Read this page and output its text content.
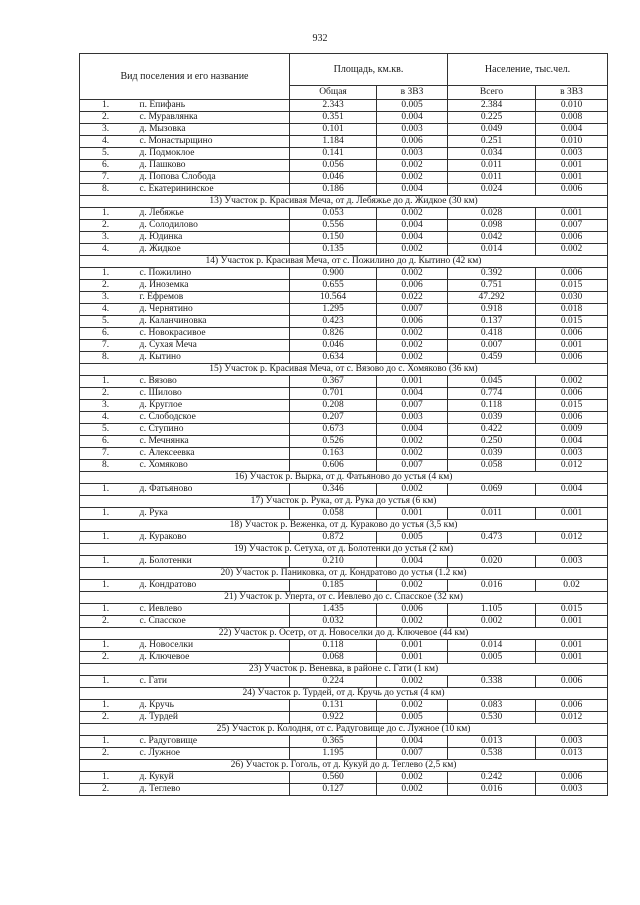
932
Вид поселения и его название		Площадь, км.кв.		Население, тыс.чел.	
		Общая	в ЗВЗ	Всего	в ЗВЗ
1.	п. Епифань	2.343	0.005	2.384	0.010
2.	с. Муравлянка	0.351	0.004	0.225	0.008
3.	д. Мызовка	0.101	0.003	0.049	0.004
4.	с. Монастырщино	1.184	0.006	0.251	0.010
5.	д. Подмоклое	0.141	0.003	0.034	0.003
6.	д. Пашково	0.056	0.002	0.011	0.001
7.	д. Попова Слобода	0.046	0.002	0.011	0.001
8.	с. Екатерининское	0.186	0.004	0.024	0.006
13) Участок р. Красивая Меча, от д. Лебяжье до д. Жидкое (30 км)					
1.	д. Лебяжье	0.053	0.002	0.028	0.001
2.	д. Солодилово	0.556	0.004	0.098	0.007
3.	д. Юдинка	0.150	0.004	0.042	0.006
4.	д. Жидкое	0.135	0.002	0.014	0.002
14) Участок р. Красивая Меча, от с. Пожилино до д. Кытино (42 км)					
1.	с. Пожилино	0.900	0.002	0.392	0.006
2.	д. Иноземка	0.655	0.006	0.751	0.015
3.	г. Ефремов	10.564	0.022	47.292	0.030
4.	д. Чернятино	1.295	0.007	0.918	0.018
5.	д. Каланчиновка	0.423	0.006	0.137	0.015
6.	с. Новокрасивое	0.826	0.002	0.418	0.006
7.	д. Сухая Меча	0.046	0.002	0.007	0.001
8.	д. Кытино	0.634	0.002	0.459	0.006
15) Участок р. Красивая Меча, от с. Вязово до с. Хомяково (36 км)					
1.	с. Вязово	0.367	0.001	0.045	0.002
2.	с. Шилово	0.701	0.004	0.774	0.006
3.	д. Круглое	0.208	0.007	0.118	0.015
4.	с. Слободское	0.207	0.003	0.039	0.006
5.	с. Ступино	0.673	0.004	0.422	0.009
6.	с. Мечнянка	0.526	0.002	0.250	0.004
7.	с. Алексеевка	0.163	0.002	0.039	0.003
8.	с. Хомяково	0.606	0.007	0.058	0.012
16) Участок р. Вырка, от д. Фатьяново до устья (4 км)					
1.	д. Фатьяново	0.346	0.002	0.069	0.004
17) Участок р. Рука, от д. Рука до устья (6 км)					
1.	д. Рука	0.058	0.001	0.011	0.001
18) Участок р. Веженка, от д. Кураково до устья (3,5 км)					
1.	д. Кураково	0.872	0.005	0.473	0.012
19) Участок р. Сетуха, от д. Болотенки до устья (2 км)					
1.	д. Болотенки	0.210	0.004	0.020	0.003
20) Участок р. Паниковка, от д. Кондратово до устья (1.2 км)					
1.	д. Кондратово	0.185	0.002	0.016	0.02
21) Участок р. Уперта, от с. Иевлево до с. Спасское (32 км)					
1.	с. Иевлево	1.435	0.006	1.105	0.015
2.	с. Спасское	0.032	0.002	0.002	0.001
22) Участок р. Осетр, от д. Новоселки до д. Ключевое (44 км)					
1.	д. Новоселки	0.118	0.001	0.014	0.001
2.	д. Ключевое	0.068	0.001	0.005	0.001
23) Участок р. Веневка, в районе с. Гати (1 км)					
1.	с. Гати	0.224	0.002	0.338	0.006
24) Участок р. Турдей, от д. Кручь до устья (4 км)					
1.	д. Кручь	0.131	0.002	0.083	0.006
2.	д. Турдей	0.922	0.005	0.530	0.012
25) Участок р. Колодня, от с. Радуговище до с. Лужное (10 км)					
1.	с. Радуговище	0.365	0.004	0.013	0.003
2.	с. Лужное	1.195	0.007	0.538	0.013
26) Участок р. Гоголь, от д. Кукуй до д. Теглево (2,5 км)					
1.	д. Кукуй	0.560	0.002	0.242	0.006
2.	д. Теглево	0.127	0.002	0.016	0.003
